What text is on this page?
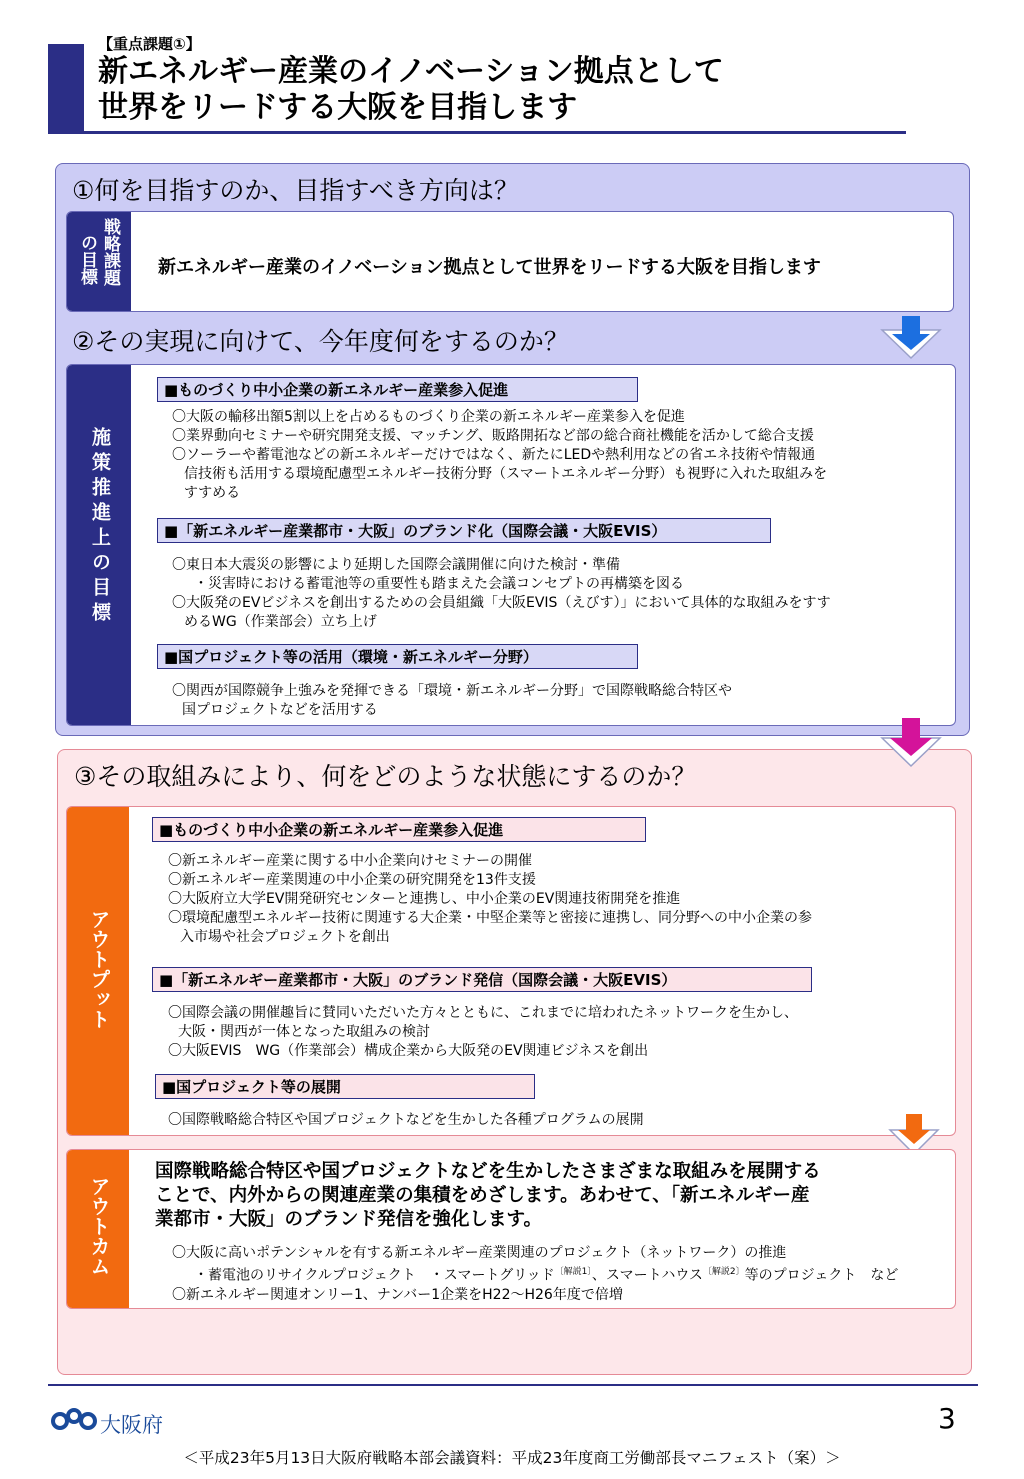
【重点課題①】
新エネルギー産業のイノベーション拠点として
世界をリードする大阪を目指します
①何を目指すのか、目指すべき方向は？
戦略課題
の目標	新エネルギー産業のイノベーション拠点として世界をリードする大阪を目指します
②その実現に向けて、今年度何をするのか？
施策推進上の目標
■ものづくり中小企業の新エネルギー産業参入促進
〇大阪の輸移出額5割以上を占めるものづくり企業の新エネルギー産業参入を促進
〇業界動向セミナーや研究開発支援、マッチング、販路開拓など部の総合商社機能を活かして総合支援
〇ソーラーや蓄電池などの新エネルギーだけではなく、新たにLEDや熱利用などの省エネ技術や情報通
信技術も活用する環境配慮型エネルギー技術分野（スマートエネルギー分野）も視野に入れた取組みを
すすめる
■「新エネルギー産業都市・大阪」のブランド化（国際会議・大阪EVIS）
〇東日本大震災の影響により延期した国際会議開催に向けた検討・準備
・災害時における蓄電池等の重要性も踏まえた会議コンセプトの再構築を図る
〇大阪発のEVビジネスを創出するための会員組織「大阪EVIS（えびす）」において具体的な取組みをすす
めるWG（作業部会）立ち上げ
■国プロジェクト等の活用（環境・新エネルギー分野）
〇関西が国際競争上強みを発揮できる「環境・新エネルギー分野」で国際戦略総合特区や
国プロジェクトなどを活用する
③その取組みにより、何をどのような状態にするのか？
アウトプット
■ものづくり中小企業の新エネルギー産業参入促進
〇新エネルギー産業に関する中小企業向けセミナーの開催
〇新エネルギー産業関連の中小企業の研究開発を13件支援
〇大阪府立大学EV開発研究センターと連携し、中小企業のEV関連技術開発を推進
〇環境配慮型エネルギー技術に関連する大企業・中堅企業等と密接に連携し、同分野への中小企業の参
入市場や社会プロジェクトを創出
■「新エネルギー産業都市・大阪」のブランド発信（国際会議・大阪EVIS）
〇国際会議の開催趣旨に賛同いただいた方々とともに、これまでに培われたネットワークを生かし、
大阪・関西が一体となった取組みの検討
〇大阪EVIS　WG（作業部会）構成企業から大阪発のEV関連ビジネスを創出
■国プロジェクト等の展開
〇国際戦略総合特区や国プロジェクトなどを生かした各種プログラムの展開
アウトカム
国際戦略総合特区や国プロジェクトなどを生かしたさまざまな取組みを展開する
ことで、内外からの関連産業の集積をめざします。あわせて、「新エネルギー産
業都市・大阪」のブランド発信を強化します。
〇大阪に高いポテンシャルを有する新エネルギー産業関連のプロジェクト（ネットワーク）の推進
・蓄電池のリサイクルプロジェクト　・スマートグリッド$^{〔解説1〕}$、スマートハウス$^{〔解説2〕}$等のプロジェクト　など
〇新エネルギー関連オンリー1、ナンバー1企業をH22～H26年度で倍増
大阪府	3
＜平成23年5月13日大阪府戦略本部会議資料：平成23年度商工労働部長マニフェスト（案）＞
